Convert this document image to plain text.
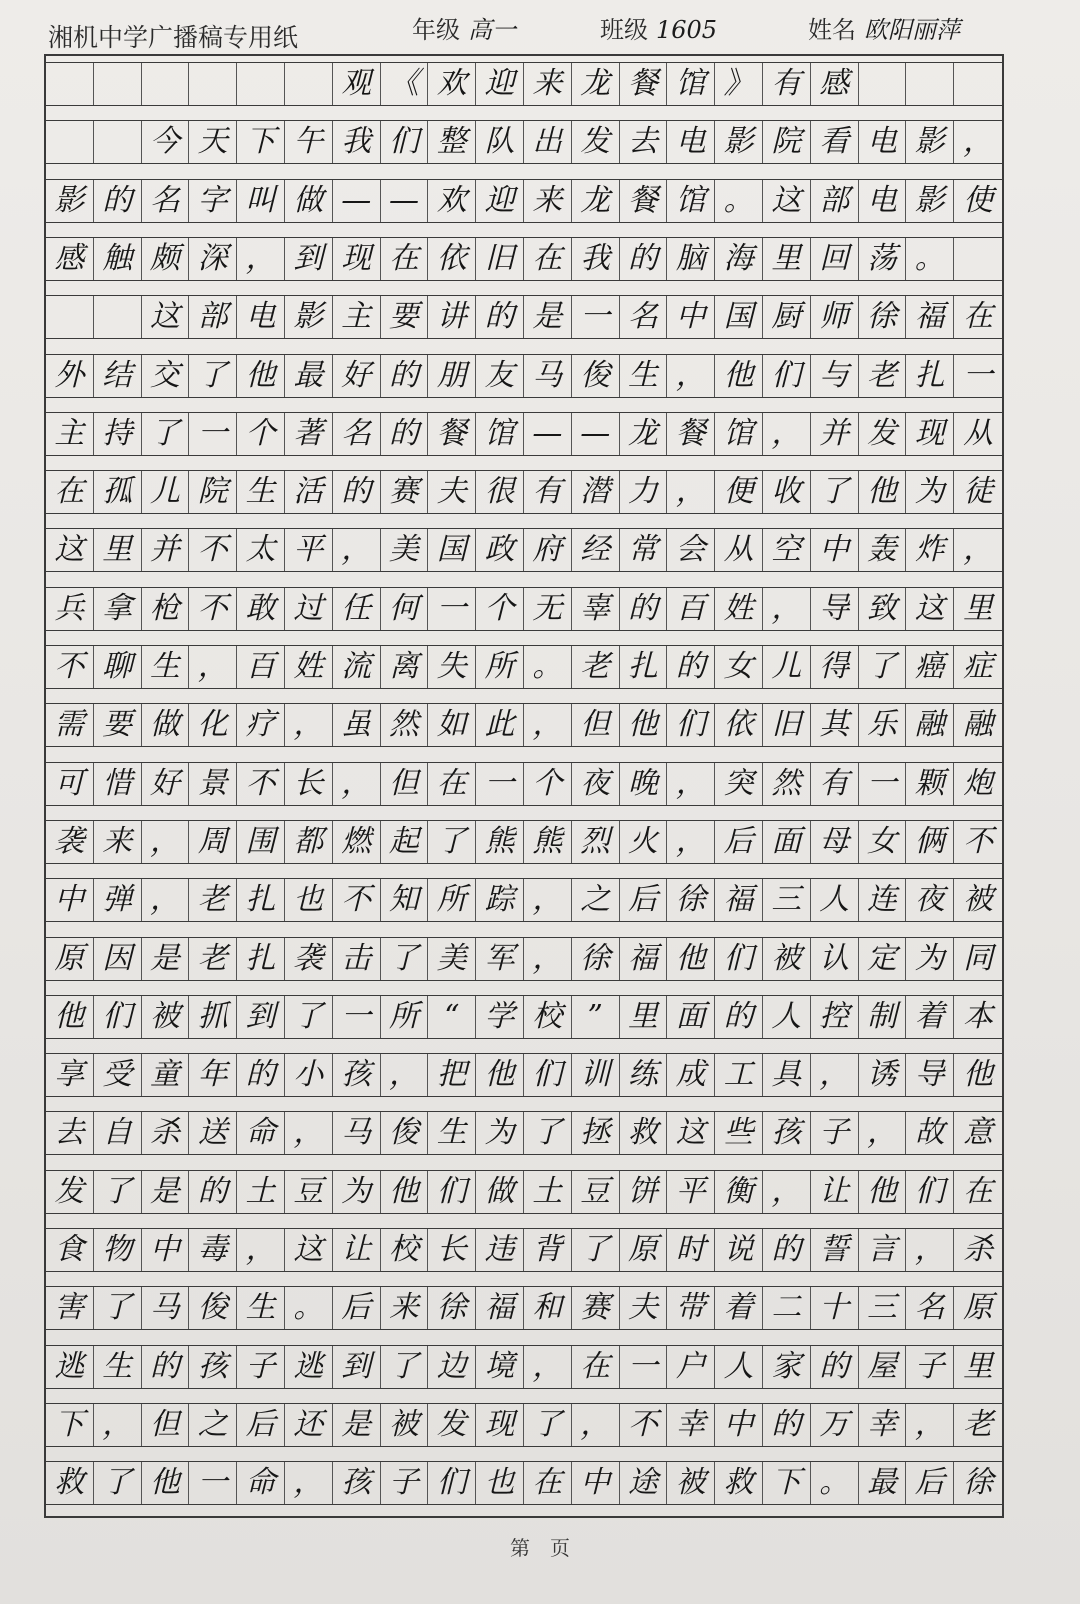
湘机中学广播稿专用纸	年级 高一	班级 1605	姓名 欧阳丽萍
观 《 欢 迎 来 龙 餐 馆 》 有 感
今 天 下 午 我 们 整 队 出 发 去 电 影 院 看 电 影 ，
影 的 名 字 叫 做 — — 欢 迎 来 龙 餐 馆 。 这 部 电 影 使
感 触 颇 深 ， 到 现 在 依 旧 在 我 的 脑 海 里 回 荡 。
这 部 电 影 主 要 讲 的 是 一 名 中 国 厨 师 徐 福 在
外 结 交 了 他 最 好 的 朋 友 马 俊 生 ， 他 们 与 老 扎 一
主 持 了 一 个 著 名 的 餐 馆 — — 龙 餐 馆 ， 并 发 现 从
在 孤 儿 院 生 活 的 赛 夫 很 有 潜 力 ， 便 收 了 他 为 徒
这 里 并 不 太 平 ， 美 国 政 府 经 常 会 从 空 中 轰 炸 ，
兵 拿 枪 不 敢 过 任 何 一 个 无 辜 的 百 姓 ， 导 致 这 里
不 聊 生 ， 百 姓 流 离 失 所 。 老 扎 的 女 儿 得 了 癌 症
需 要 做 化 疗 ， 虽 然 如 此 ， 但 他 们 依 旧 其 乐 融 融
可 惜 好 景 不 长 ， 但 在 一 个 夜 晚 ， 突 然 有 一 颗 炮
袭 来 ， 周 围 都 燃 起 了 熊 熊 烈 火 ， 后 面 母 女 俩 不
中 弹 ， 老 扎 也 不 知 所 踪 ， 之 后 徐 福 三 人 连 夜 被
原 因 是 老 扎 袭 击 了 美 军 ， 徐 福 他 们 被 认 定 为 同
他 们 被 抓 到 了 一 所 “ 学 校 ” 里 面 的 人 控 制 着 本
享 受 童 年 的 小 孩 ， 把 他 们 训 练 成 工 具 ， 诱 导 他
去 自 杀 送 命 ， 马 俊 生 为 了 拯 救 这 些 孩 子 ， 故 意
发 了 是 的 土 豆 为 他 们 做 土 豆 饼 平 衡 ， 让 他 们 在
食 物 中 毒 ， 这 让 校 长 违 背 了 原 时 说 的 誓 言 ， 杀
害 了 马 俊 生 。 后 来 徐 福 和 赛 夫 带 着 二 十 三 名 原
逃 生 的 孩 子 逃 到 了 边 境 ， 在 一 户 人 家 的 屋 子 里
下 ， 但 之 后 还 是 被 发 现 了 ， 不 幸 中 的 万 幸 ， 老
救 了 他 一 命 ， 孩 子 们 也 在 中 途 被 救 下 。 最 后 徐
第　页
